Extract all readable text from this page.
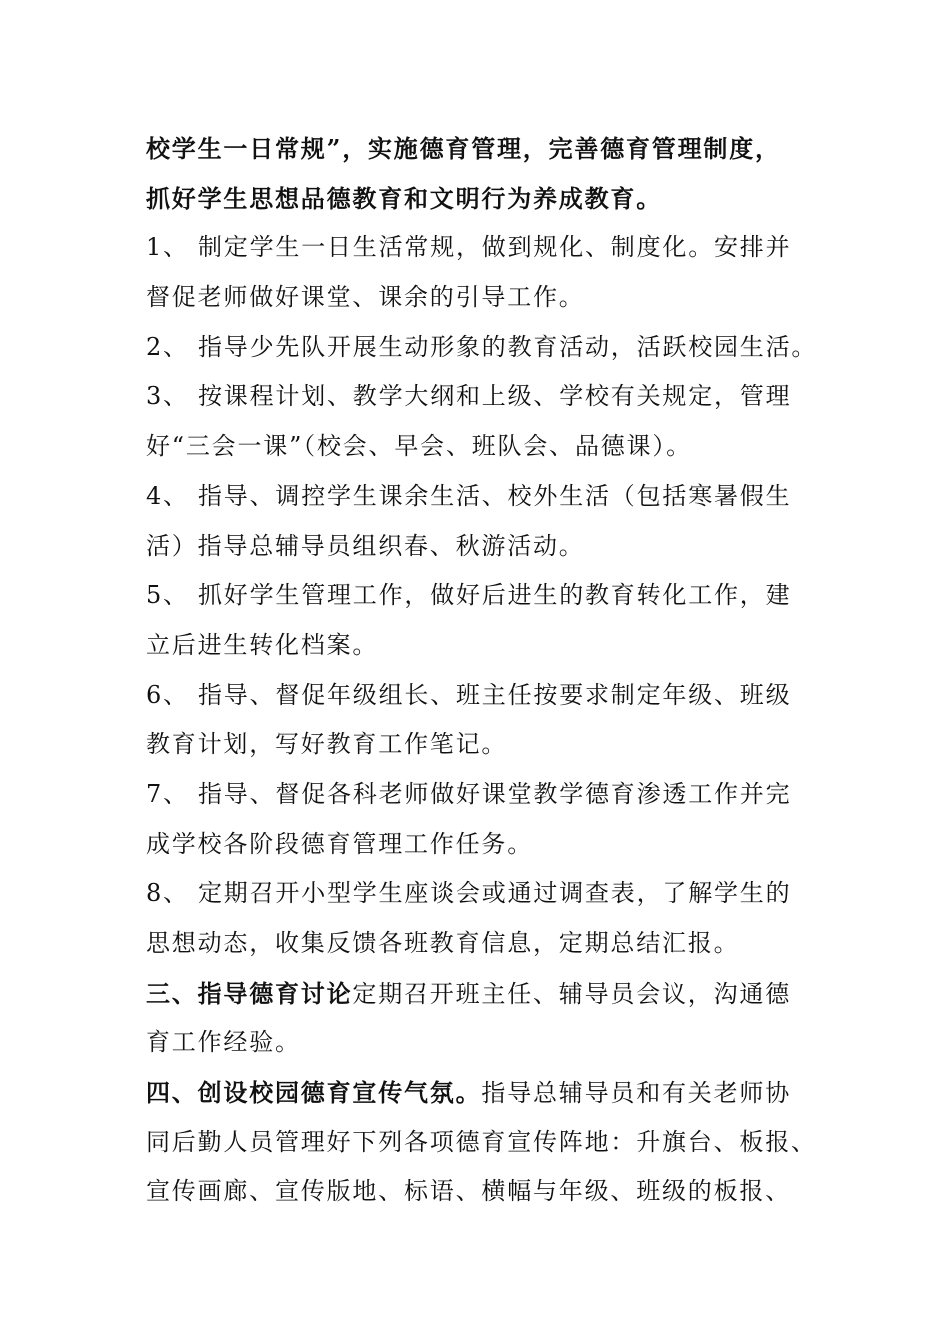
校学生一日常规”，实施德育管理，完善德育管理制度，
抓好学生思想品德教育和文明行为养成教育。
1、 制定学生一日生活常规，做到规化、制度化。安排并
督促老师做好课堂、课余的引导工作。
2、 指导少先队开展生动形象的教育活动，活跃校园生活。
3、 按课程计划、教学大纲和上级、学校有关规定，管理
好“三会一课”（校会、早会、班队会、品德课）。
4、 指导、调控学生课余生活、校外生活（包括寒暑假生
活）指导总辅导员组织春、秋游活动。
5、 抓好学生管理工作，做好后进生的教育转化工作，建
立后进生转化档案。
6、 指导、督促年级组长、班主任按要求制定年级、班级
教育计划，写好教育工作笔记。
7、 指导、督促各科老师做好课堂教学德育渗透工作并完
成学校各阶段德育管理工作任务。
8、 定期召开小型学生座谈会或通过调查表，了解学生的
思想动态，收集反馈各班教育信息，定期总结汇报。
三、指导德育讨论定期召开班主任、辅导员会议，沟通德
育工作经验。
四、创设校园德育宣传气氛。指导总辅导员和有关老师协
同后勤人员管理好下列各项德育宣传阵地：升旗台、板报、
宣传画廊、宣传版地、标语、横幅与年级、班级的板报、
